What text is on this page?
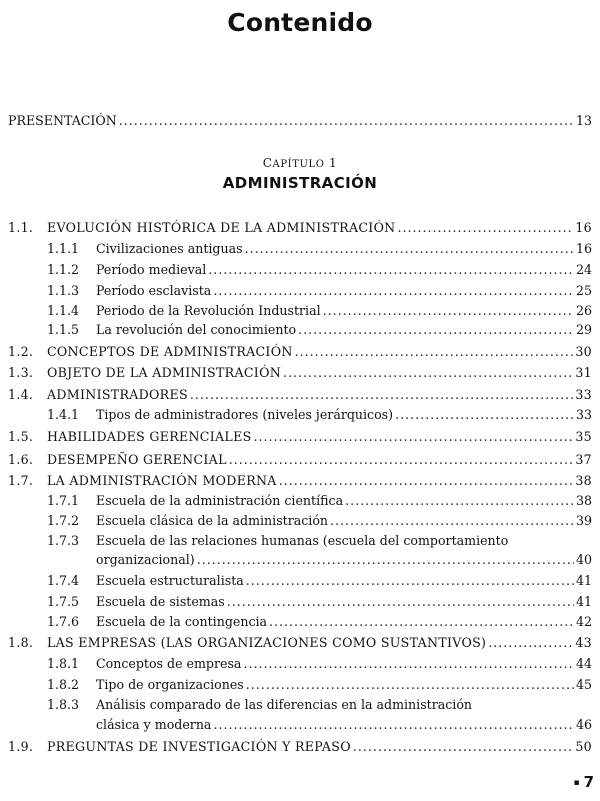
Contenido
PRESENTACIÓN .....	13
CAPÍTULO 1
ADMINISTRACIÓN
1.1.	EVOLUCIÓN HISTÓRICA DE LA ADMINISTRACIÓN .....	16
1.1.1	Civilizaciones antiguas .....	16
1.1.2	Período medieval .....	24
1.1.3	Período esclavista .....	25
1.1.4	Periodo de la Revolución Industrial .....	26
1.1.5	La revolución del conocimiento .....	29
1.2.	CONCEPTOS DE ADMINISTRACIÓN .....	30
1.3.	OBJETO DE LA ADMINISTRACIÓN .....	31
1.4.	ADMINISTRADORES .....	33
1.4.1	Tipos de administradores (niveles jerárquicos) .....	33
1.5.	HABILIDADES GERENCIALES .....	35
1.6.	DESEMPEÑO GERENCIAL .....	37
1.7.	LA ADMINISTRACIÓN MODERNA .....	38
1.7.1	Escuela de la administración científica .....	38
1.7.2	Escuela clásica de la administración .....	39
1.7.3	Escuela de las relaciones humanas (escuela del comportamiento
organizacional) .....	40
1.7.4	Escuela estructuralista .....	41
1.7.5	Escuela de sistemas .....	41
1.7.6	Escuela de la contingencia .....	42
1.8.	LAS EMPRESAS (LAS ORGANIZACIONES COMO SUSTANTIVOS) .....	43
1.8.1	Conceptos de empresa .....	44
1.8.2	Tipo de organizaciones .....	45
1.8.3	Análisis comparado de las diferencias en la administración
clásica y moderna .....	46
1.9.	PREGUNTAS DE INVESTIGACIÓN Y REPASO .....	50
▪ 7
